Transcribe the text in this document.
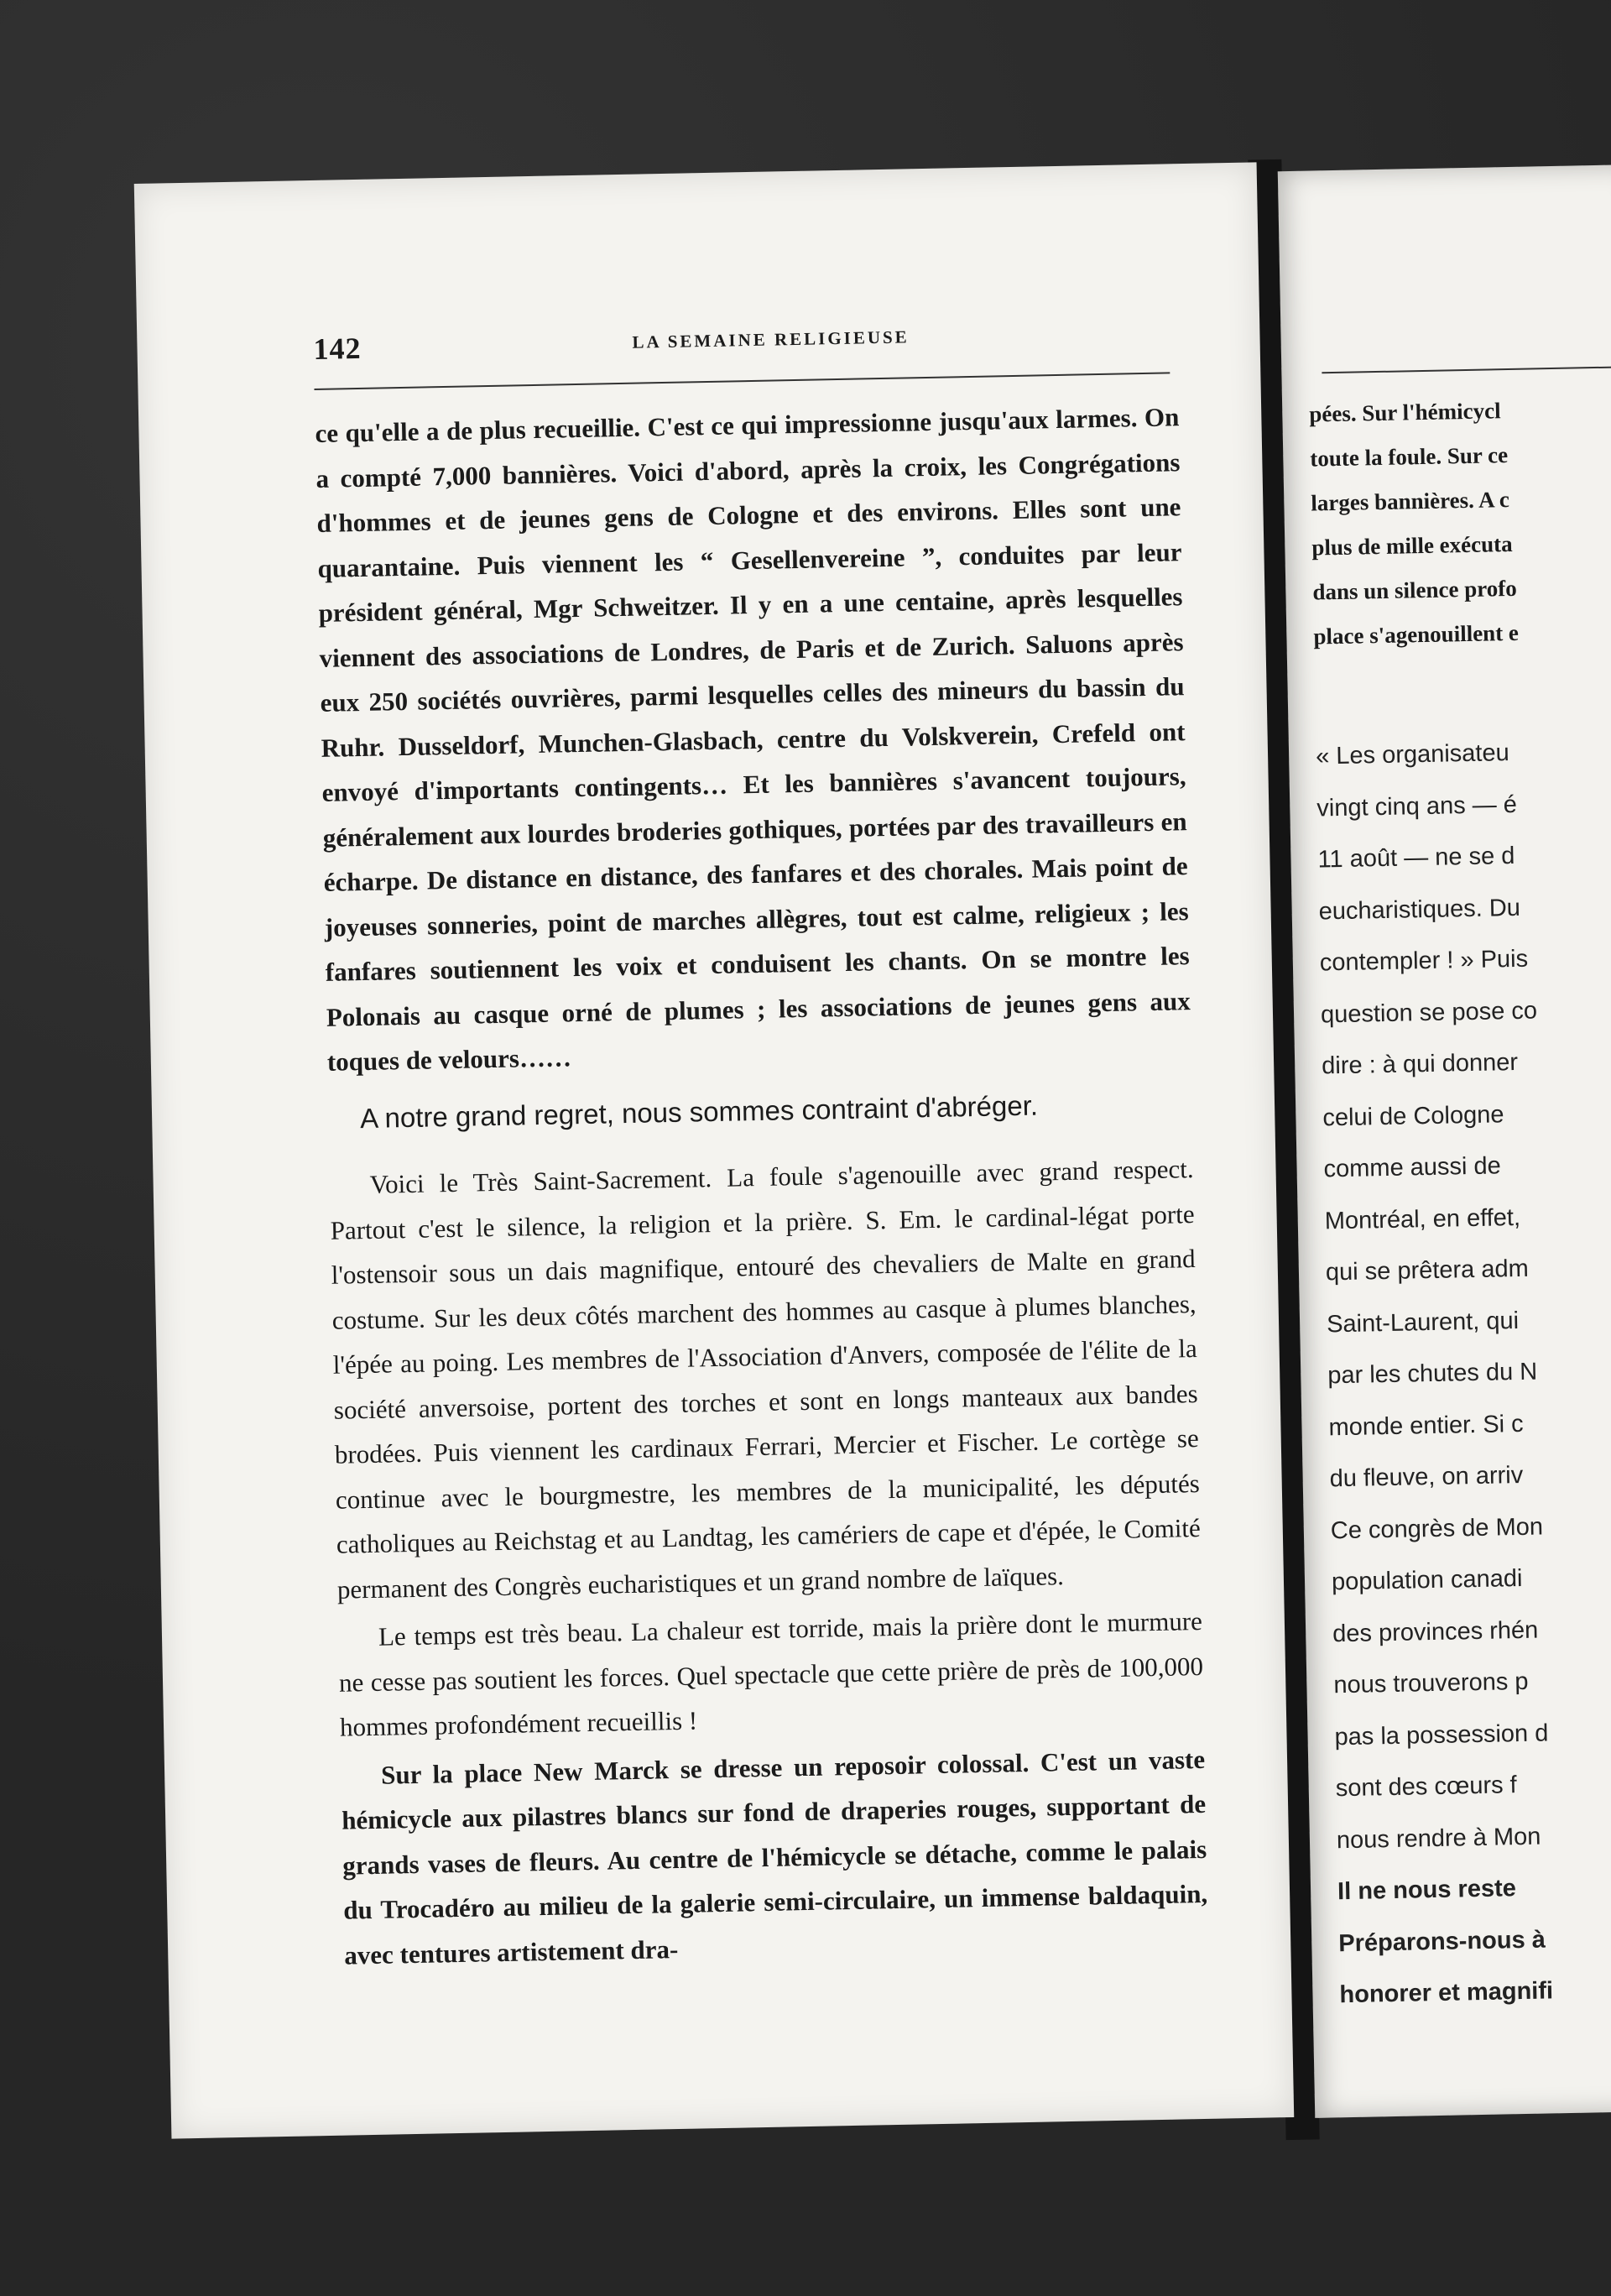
142	LA SEMAINE RELIGIEUSE

ce qu'elle a de plus recueillie. C'est ce qui impressionne jusqu'aux larmes. On a compté 7,000 bannières. Voici d'abord, après la croix, les Congrégations d'hommes et de jeunes gens de Cologne et des environs. Elles sont une quarantaine. Puis viennent les “ Gesellenvereine ”, conduites par leur président général, Mgr Schweitzer. Il y en a une centaine, après lesquelles viennent des associations de Londres, de Paris et de Zurich. Saluons après eux 250 sociétés ouvrières, parmi lesquelles celles des mineurs du bassin du Ruhr. Dusseldorf, Munchen-Glasbach, centre du Volskverein, Crefeld ont envoyé d'importants contingents… Et les bannières s'avancent toujours, généralement aux lourdes broderies gothiques, portées par des travailleurs en écharpe. De distance en distance, des fanfares et des chorales. Mais point de joyeuses sonneries, point de marches allègres, tout est calme, religieux ; les fanfares soutiennent les voix et conduisent les chants. On se montre les Polonais au casque orné de plumes ; les associations de jeunes gens aux toques de velours……

A notre grand regret, nous sommes contraint d'abréger.

Voici le Très Saint-Sacrement. La foule s'agenouille avec grand respect. Partout c'est le silence, la religion et la prière. S. Em. le cardinal-légat porte l'ostensoir sous un dais magnifique, entouré des chevaliers de Malte en grand costume. Sur les deux côtés marchent des hommes au casque à plumes blanches, l'épée au poing. Les membres de l'Association d'Anvers, composée de l'élite de la société anversoise, portent des torches et sont en longs manteaux aux bandes brodées. Puis viennent les cardinaux Ferrari, Mercier et Fischer. Le cortège se continue avec le bourgmestre, les membres de la municipalité, les députés catholiques au Reichstag et au Landtag, les camériers de cape et d'épée, le Comité permanent des Congrès eucharistiques et un grand nombre de laïques.

Le temps est très beau. La chaleur est torride, mais la prière dont le murmure ne cesse pas soutient les forces. Quel spectacle que cette prière de près de 100,000 hommes profondément recueillis !

Sur la place New Marck se dresse un reposoir colossal. C'est un vaste hémicycle aux pilastres blancs sur fond de draperies rouges, supportant de grands vases de fleurs. Au centre de l'hémicycle se détache, comme le palais du Trocadéro au milieu de la galerie semi-circulaire, un immense baldaquin, avec tentures artistement dra-

pées. Sur l'hémicycl
toute la foule. Sur ce
larges bannières. A c
plus de mille exécuta
dans un silence profo
place s'agenouillent e
« Les organisateu
vingt cinq ans — é
11 août — ne se d
eucharistiques. Du
contempler ! » Puis
question se pose co
dire : à qui donner
celui de Cologne
comme aussi de
Montréal, en effet,
qui se prêtera adm
Saint-Laurent, qui
par les chutes du N
monde entier. Si c
du fleuve, on arriv
Ce congrès de Mon
population canadi
des provinces rhén
nous trouverons p
pas la possession d
sont des cœurs f
nous rendre à Mon
Il ne nous reste
Préparons-nous à
honorer et magnifi
